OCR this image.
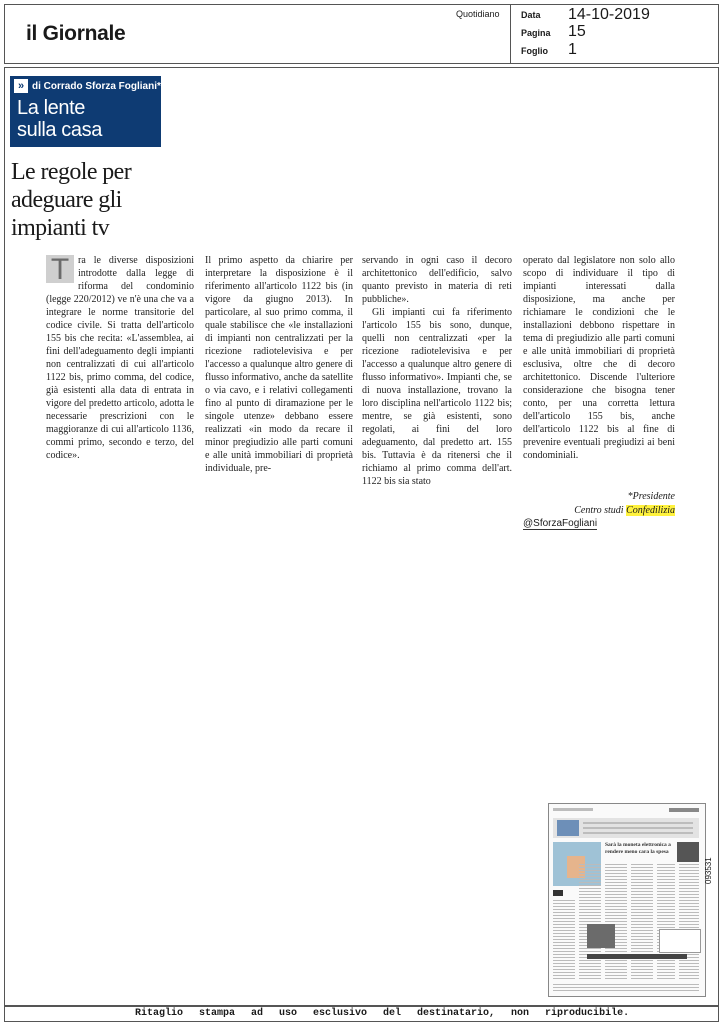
il Giornale
Quotidiano Data 14-10-2019
Pagina 15
Foglio 1
» di Corrado Sforza Fogliani*
La lente
sulla casa
Le regole per adeguare gli impianti tv
T ra le diverse disposizioni introdotte dalla legge di riforma del condominio (legge 220/2012) ve n'è una che va a integrare le norme transitorie del codice civile. Si tratta dell'articolo 155 bis che recita: «L'assemblea, ai fini dell'adeguamento degli impianti non centralizzati di cui all'articolo 1122 bis, primo comma, del codice, già esistenti alla data di entrata in vigore del predetto articolo, adotta le necessarie prescrizioni con le maggioranze di cui all'articolo 1136, commi primo, secondo e terzo, del codice».

Il primo aspetto da chiarire per interpretare la disposizione è il riferimento all'articolo 1122 bis (in vigore da giugno 2013). In particolare, al suo primo comma, il quale stabilisce che «le installazioni di impianti non centralizzati per la ricezione radiotelevisiva e per l'accesso a qualunque altro genere di flusso informativo, anche da satellite o via cavo, e i relativi collegamenti fino al punto di diramazione per le singole utenze» debbano essere realizzati «in modo da recare il minor pregiudizio alle parti comuni e alle unità immobiliari di proprietà individuale, pre-

servando in ogni caso il decoro architettonico dell'edificio, salvo quanto previsto in materia di reti pubbliche».

Gli impianti cui fa riferimento l'articolo 155 bis sono, dunque, quelli non centralizzati «per la ricezione radiotelevisiva e per l'accesso a qualunque altro genere di flusso informativo». Impianti che, se di nuova installazione, trovano la loro disciplina nell'articolo 1122 bis; mentre, se già esistenti, sono regolati, ai fini del loro adeguamento, dal predetto art. 155 bis. Tuttavia è da ritenersi che il richiamo al primo comma dell'art. 1122 bis sia stato

operato dal legislatore non solo allo scopo di individuare il tipo di impianti interessati dalla disposizione, ma anche per richiamare le condizioni che le installazioni debbono rispettare in tema di pregiudizio alle parti comuni e alle unità immobiliari di proprietà esclusiva, oltre che di decoro architettonico. Discende l'ulteriore considerazione che bisogna tener conto, per una corretta lettura dell'articolo 155 bis, anche dell'articolo 1122 bis al fine di prevenire eventuali pregiudizi ai beni condominiali.

*Presidente
Centro studi Confedilizia
@SforzaFogliani
Sarà la moneta elettronica a rendere meno cara la spesa
093531
Ritaglio stampa ad uso esclusivo del destinatario, non riproducibile.
